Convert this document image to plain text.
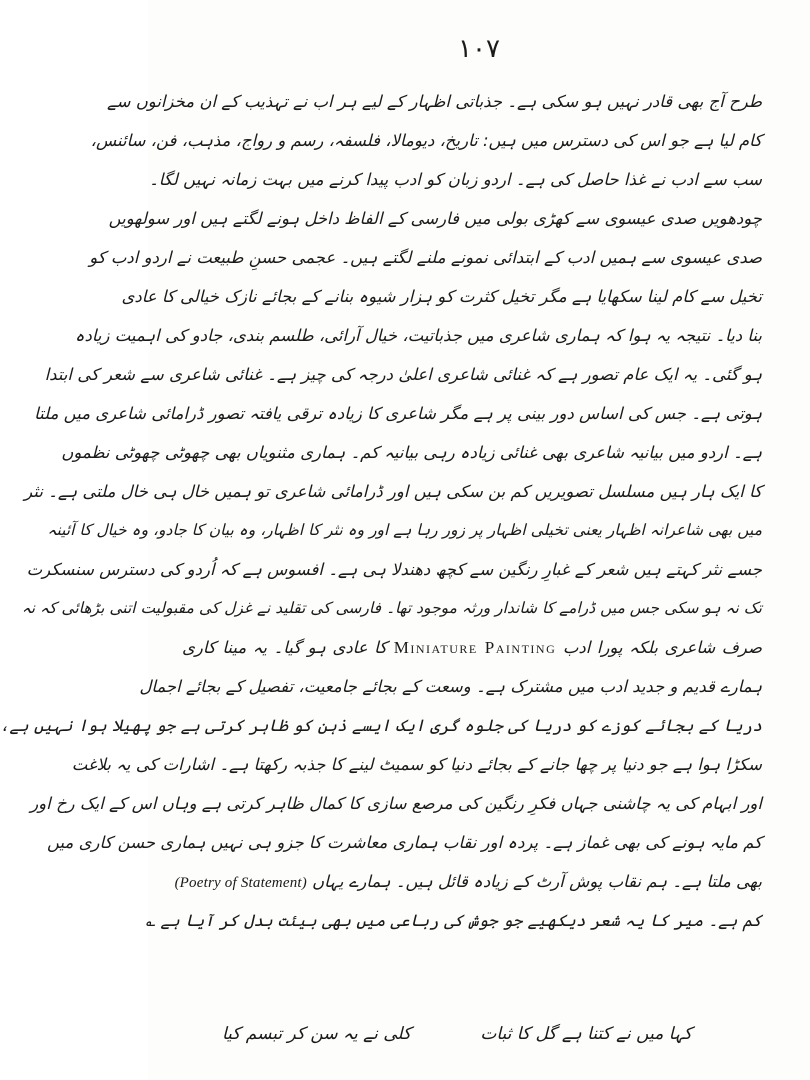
۱۰۷
طرح آج بھی قادر نہیں ہو سکی ہے۔ جذباتی اظہار کے لیے ہر اب نے تہذیب کے ان مخزانوں سے
کام لیا ہے جو اس کی دسترس میں ہیں: تاریخ، دیومالا، فلسفہ، رسم و رواج، مذہب، فن، سائنس،
سب سے ادب نے غذا حاصل کی ہے۔ اردو زبان کو ادب پیدا کرنے میں بہت زمانہ نہیں لگا۔
چودھویں صدی عیسوی سے کھڑی بولی میں فارسی کے الفاظ داخل ہونے لگتے ہیں اور سولھویں
صدی عیسوی سے ہمیں ادب کے ابتدائی نمونے ملنے لگتے ہیں۔ عجمی حسنِ طبیعت نے اردو ادب کو
تخیل سے کام لینا سکھایا ہے مگر تخیل کثرت کو ہزار شیوہ بنانے کے بجائے نازک خیالی کا عادی
بنا دیا۔ نتیجہ یہ ہوا کہ ہماری شاعری میں جذباتیت، خیال آرائی، طلسم بندی، جادو کی اہمیت زیادہ
ہو گئی۔ یہ ایک عام تصور ہے کہ غنائی شاعری اعلیٰ درجہ کی چیز ہے۔ غنائی شاعری سے شعر کی ابتدا
ہوتی ہے۔ جس کی اساس دور بینی پر ہے مگر شاعری کا زیادہ ترقی یافتہ تصور ڈرامائی شاعری میں ملتا
ہے۔ اردو میں بیانیہ شاعری بھی غنائی زیادہ رہی بیانیہ کم۔ ہماری مثنویاں بھی چھوٹی چھوٹی نظموں
کا ایک ہار ہیں مسلسل تصویریں کم بن سکی ہیں اور ڈرامائی شاعری تو ہمیں خال ہی خال ملتی ہے۔ نثر
میں بھی شاعرانہ اظہار یعنی تخیلی اظہار پر زور رہا ہے اور وہ نثر کا اظہار، وہ بیان کا جادو، وہ خیال کا آئینہ
جسے نثر کہتے ہیں شعر کے غبارِ رنگین سے کچھ دھندلا ہی ہے۔ افسوس ہے کہ اُردو کی دسترس سنسکرت
تک نہ ہو سکی جس میں ڈرامے کا شاندار ورثہ موجود تھا۔ فارسی کی تقلید نے غزل کی مقبولیت اتنی بڑھائی کہ نہ
صرف شاعری بلکہ پورا ادب Miniature Painting کا عادی ہو گیا۔ یہ مینا کاری
ہمارے قدیم و جدید ادب میں مشترک ہے۔ وسعت کے بجائے جامعیت، تفصیل کے بجائے اجمال
دریا کے بجائے کوزے کو دریا کی جلوہ گری ایک ایسے ذہن کو ظاہر کرتی ہے جو پھیلا ہوا نہیں ہے،
سکڑا ہوا ہے جو دنیا پر چھا جانے کے بجائے دنیا کو سمیٹ لینے کا جذبہ رکھتا ہے۔ اشارات کی یہ بلاغت
اور ابہام کی یہ چاشنی جہاں فکرِ رنگین کی مرصع سازی کا کمال ظاہر کرتی ہے وہاں اس کے ایک رخ اور
کم مایہ ہونے کی بھی غماز ہے۔ پردہ اور نقاب ہماری معاشرت کا جزو ہی نہیں ہماری حسن کاری میں
بھی ملتا ہے۔ ہم نقاب پوش آرٹ کے زیادہ قائل ہیں۔ ہمارے یہاں (Poetry of Statement)
کم ہے۔ میر کا یہ شعر دیکھیے جو جوش کی رباعی میں بھی بیئت بدل کر آیا ہے ؎
کہا میں نے کتنا ہے گل کا ثبات
کلی نے یہ سن کر تبسم کیا
